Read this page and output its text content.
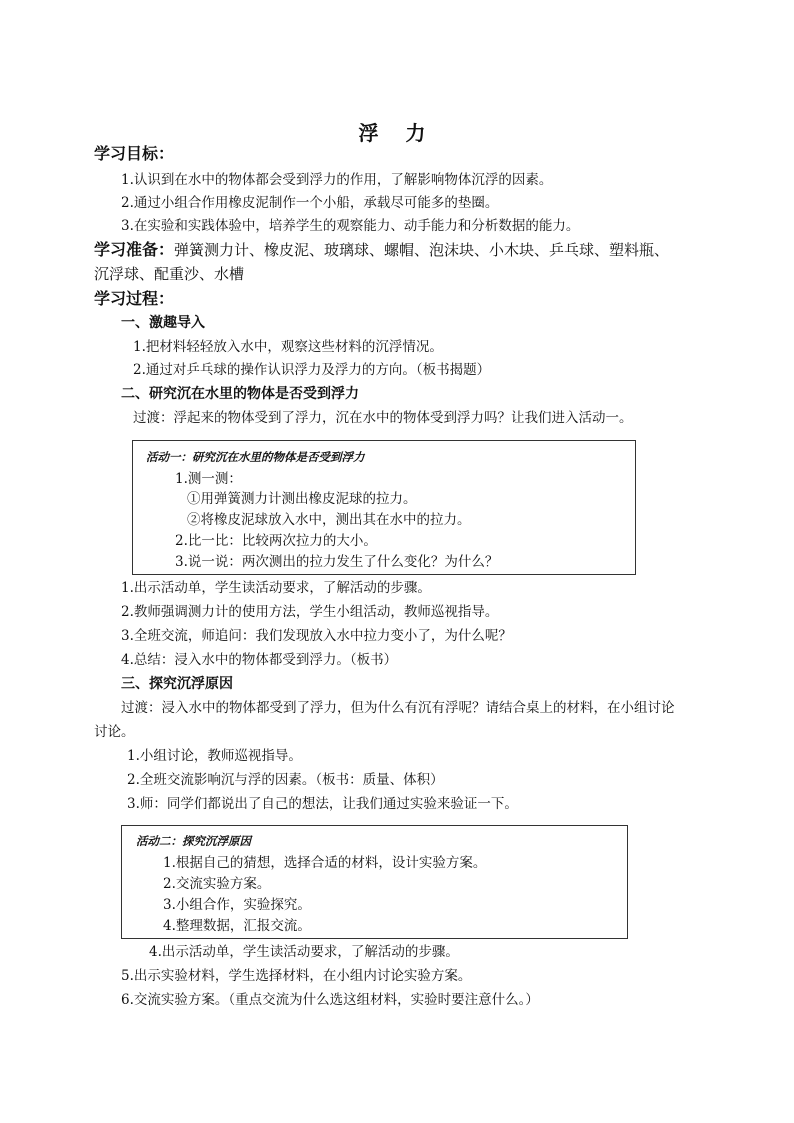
浮 力
学习目标：
1.认识到在水中的物体都会受到浮力的作用，了解影响物体沉浮的因素。
2.通过小组合作用橡皮泥制作一个小船，承载尽可能多的垫圈。
3.在实验和实践体验中，培养学生的观察能力、动手能力和分析数据的能力。
学习准备：弹簧测力计、橡皮泥、玻璃球、螺帽、泡沫块、小木块、乒乓球、塑料瓶、
沉浮球、配重沙、水槽
学习过程：
一、激趣导入
1.把材料轻轻放入水中，观察这些材料的沉浮情况。
2.通过对乒乓球的操作认识浮力及浮力的方向。（板书揭题）
二、研究沉在水里的物体是否受到浮力
过渡：浮起来的物体受到了浮力，沉在水中的物体受到浮力吗？让我们进入活动一。
活动一：研究沉在水里的物体是否受到浮力
1.测一测：
①用弹簧测力计测出橡皮泥球的拉力。
②将橡皮泥球放入水中，测出其在水中的拉力。
2.比一比：比较两次拉力的大小。
3.说一说：两次测出的拉力发生了什么变化？为什么？
1.出示活动单，学生读活动要求，了解活动的步骤。
2.教师强调测力计的使用方法，学生小组活动，教师巡视指导。
3.全班交流，师追问：我们发现放入水中拉力变小了，为什么呢？
4.总结：浸入水中的物体都受到浮力。（板书）
三、探究沉浮原因
过渡：浸入水中的物体都受到了浮力，但为什么有沉有浮呢？请结合桌上的材料，在小组讨论
讨论。
1.小组讨论，教师巡视指导。
2.全班交流影响沉与浮的因素。（板书：质量、体积）
3.师：同学们都说出了自己的想法，让我们通过实验来验证一下。
活动二：探究沉浮原因
1.根据自己的猜想，选择合适的材料，设计实验方案。
2.交流实验方案。
3.小组合作，实验探究。
4.整理数据，汇报交流。
4.出示活动单，学生读活动要求，了解活动的步骤。
5.出示实验材料，学生选择材料，在小组内讨论实验方案。
6.交流实验方案。（重点交流为什么选这组材料，实验时要注意什么。）
